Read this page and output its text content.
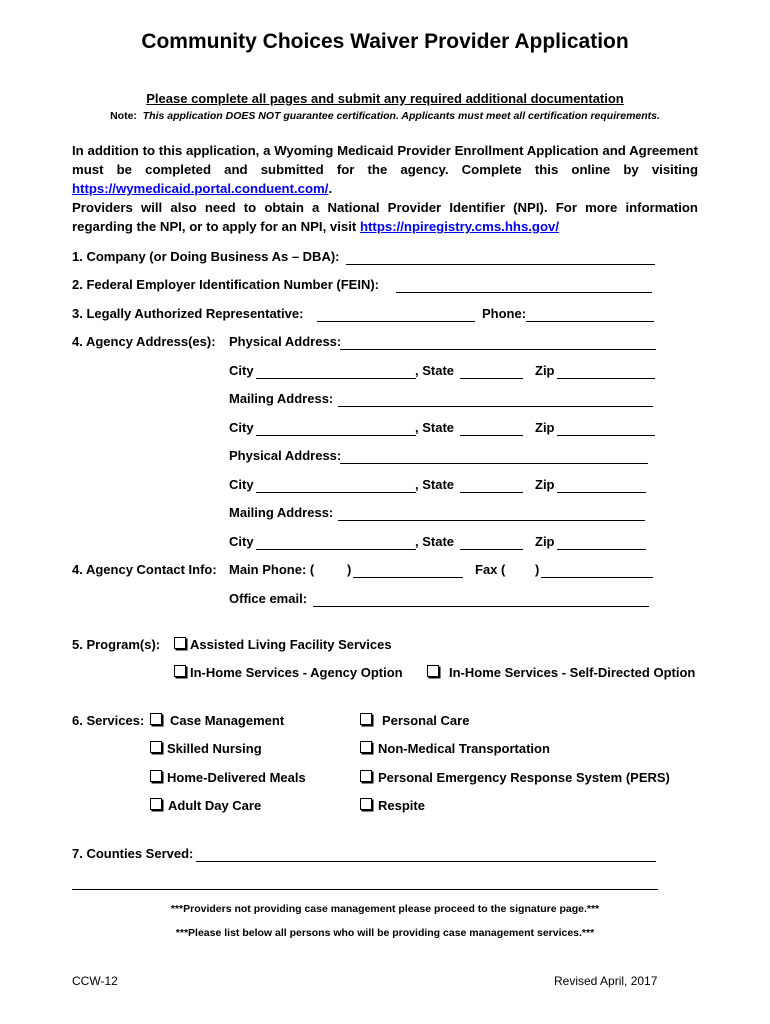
Community Choices Waiver Provider Application
Please complete all pages and submit any required additional documentation
Note: This application DOES NOT guarantee certification. Applicants must meet all certification requirements.
In addition to this application, a Wyoming Medicaid Provider Enrollment Application and Agreement must be completed and submitted for the agency. Complete this online by visiting https://wymedicaid.portal.conduent.com/.
Providers will also need to obtain a National Provider Identifier (NPI). For more information regarding the NPI, or to apply for an NPI, visit https://npiregistry.cms.hhs.gov/
1. Company (or Doing Business As – DBA):
2. Federal Employer Identification Number (FEIN):
3. Legally Authorized Representative:	Phone:
4. Agency Address(es): Physical Address:
City	, State	Zip
Mailing Address:
City	, State	Zip
Physical Address:
City	, State	Zip
Mailing Address:
City	, State	Zip
4. Agency Contact Info: Main Phone: (	)	Fax ( )
Office email:
5. Program(s): Assisted Living Facility Services
In-Home Services - Agency Option	In-Home Services - Self-Directed Option
6. Services: Case Management
Skilled Nursing
Home-Delivered Meals
Adult Day Care
Personal Care
Non-Medical Transportation
Personal Emergency Response System (PERS)
Respite
7. Counties Served:
***Providers not providing case management please proceed to the signature page.***
***Please list below all persons who will be providing case management services.***
CCW-12	Revised April, 2017
